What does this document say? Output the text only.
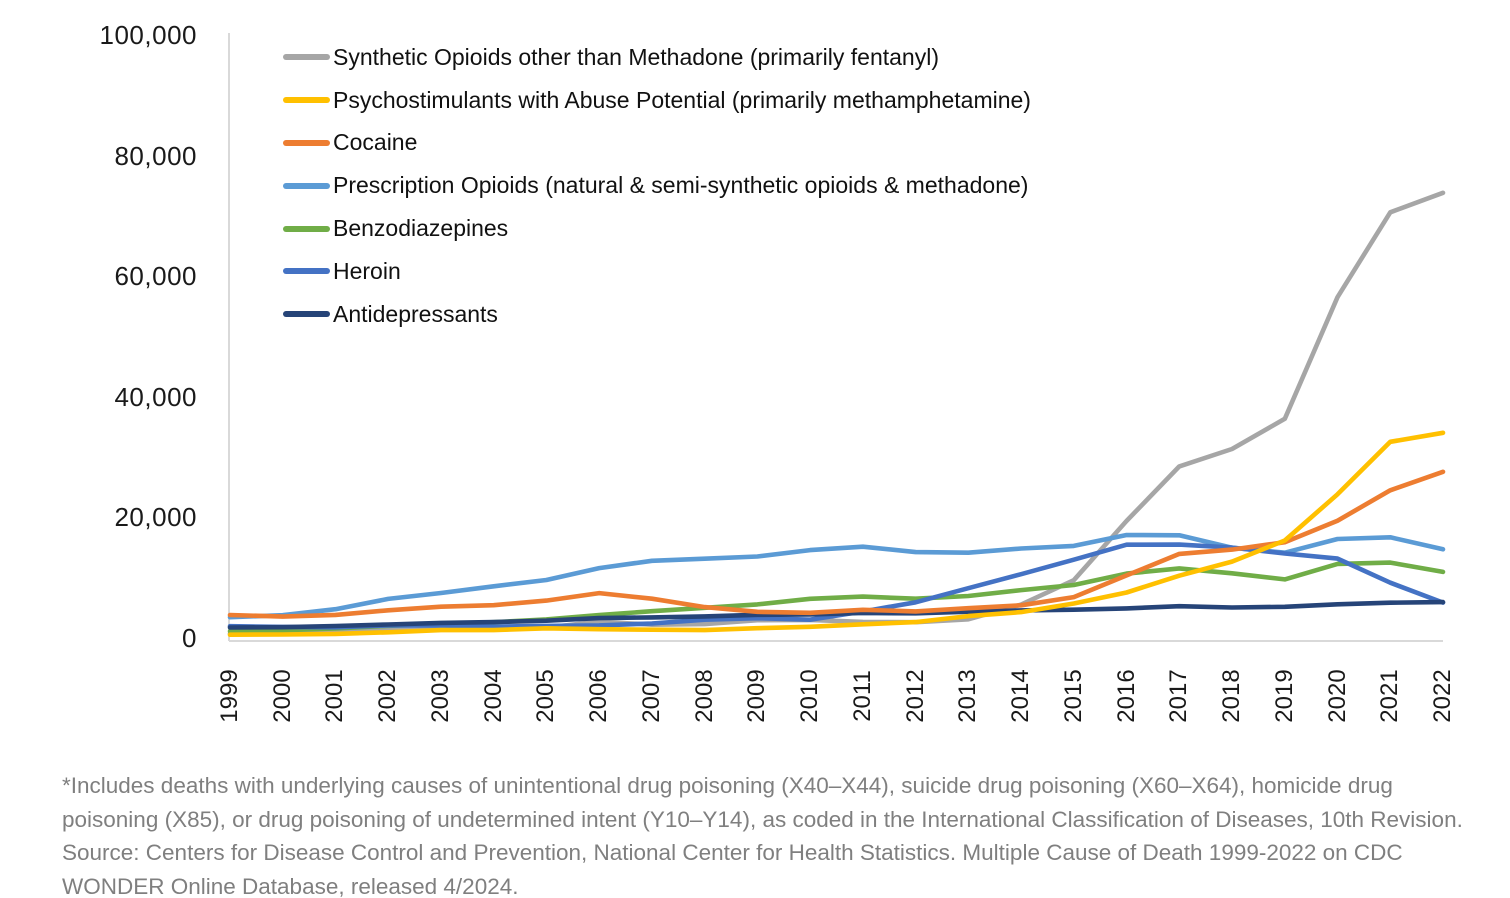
0
20,000
40,000
60,000
80,000
100,000
1999 2000 2001 2002 2003 2004 2005 2006 2007 2008 2009 2010 2011 2012 2013 2014 2015 2016 2017 2018 2019 2020 2021 2022
Synthetic Opioids other than Methadone (primarily fentanyl)
Psychostimulants with Abuse Potential (primarily methamphetamine)
Cocaine
Prescription Opioids (natural & semi-synthetic opioids & methadone)
Benzodiazepines
Heroin
Antidepressants
*Includes deaths with underlying causes of unintentional drug poisoning (X40–X44), suicide drug poisoning (X60–X64), homicide drug
poisoning (X85), or drug poisoning of undetermined intent (Y10–Y14), as coded in the International Classification of Diseases, 10th Revision.
Source: Centers for Disease Control and Prevention, National Center for Health Statistics. Multiple Cause of Death 1999-2022 on CDC
WONDER Online Database, released 4/2024.
